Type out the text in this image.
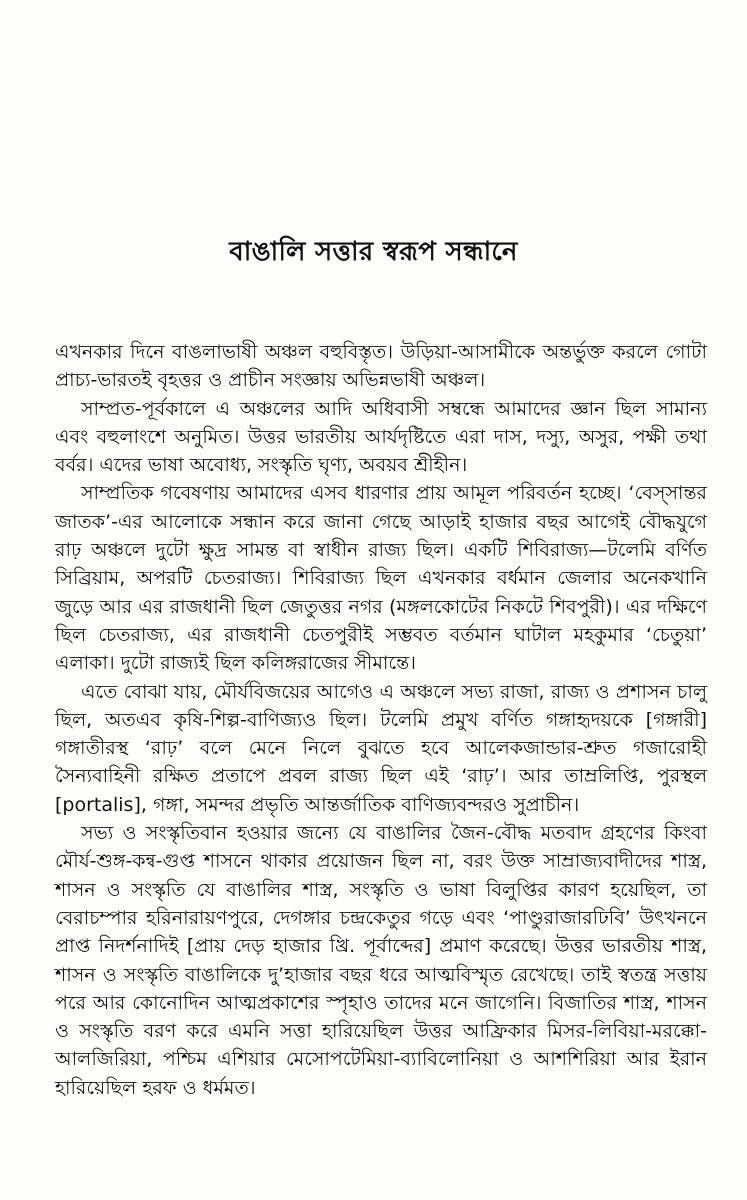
বাঙালি সত্তার স্বরূপ সন্ধানে

এখনকার দিনে বাঙলাভাষী অঞ্চল বহুবিস্তৃত। উড়িয়া-আসামীকে অন্তর্ভুক্ত করলে গোটা প্রাচ্য-ভারতই বৃহত্তর ও প্রাচীন সংজ্ঞায় অভিন্নভাষী অঞ্চল।

সাম্প্রত-পূর্বকালে এ অঞ্চলের আদি অধিবাসী সম্বন্ধে আমাদের জ্ঞান ছিল সামান্য এবং বহুলাংশে অনুমিত। উত্তর ভারতীয় আর্যদৃষ্টিতে এরা দাস, দস্যু, অসুর, পক্ষী তথা বর্বর। এদের ভাষা অবোধ্য, সংস্কৃতি ঘৃণ্য, অবয়ব শ্রীহীন।

সাম্প্রতিক গবেষণায় আমাদের এসব ধারণার প্রায় আমূল পরিবর্তন হচ্ছে। ‘বেস্সান্তর জাতক’-এর আলোকে সন্ধান করে জানা গেছে আড়াই হাজার বছর আগেই বৌদ্ধযুগে রাঢ় অঞ্চলে দুটো ক্ষুদ্র সামন্ত বা স্বাধীন রাজ্য ছিল। একটি শিবিরাজ্য—টলেমি বর্ণিত সিব্রিয়াম, অপরটি চেতরাজ্য। শিবিরাজ্য ছিল এখনকার বর্ধমান জেলার অনেকখানি জুড়ে আর এর রাজধানী ছিল জেতুত্তর নগর (মঙ্গলকোটের নিকটে শিবপুরী)। এর দক্ষিণে ছিল চেতরাজ্য, এর রাজধানী চেতপুরীই সম্ভবত বর্তমান ঘাটাল মহকুমার ‘চেতুয়া’ এলাকা। দুটো রাজ্যই ছিল কলিঙ্গরাজের সীমান্তে।

এতে বোঝা যায়, মৌর্যবিজয়ের আগেও এ অঞ্চলে সভ্য রাজা, রাজ্য ও প্রশাসন চালু ছিল, অতএব কৃষি-শিল্প-বাণিজ্যও ছিল। টলেমি প্রমুখ বর্ণিত গঙ্গাহৃদয়কে [গঙ্গারী] গঙ্গাতীরস্থ ‘রাঢ়’ বলে মেনে নিলে বুঝতে হবে আলেকজান্ডার-শ্রুত গজারোহী সৈন্যবাহিনী রক্ষিত প্রতাপে প্রবল রাজ্য ছিল এই ‘রাঢ়’। আর তাম্রলিপ্তি, পুরস্থল [portalis], গঙ্গা, সমন্দর প্রভৃতি আন্তর্জাতিক বাণিজ্যবন্দরও সুপ্রাচীন।

সভ্য ও সংস্কৃতিবান হওয়ার জন্যে যে বাঙালির জৈন-বৌদ্ধ মতবাদ গ্রহণের কিংবা মৌর্য-শুঙ্গ-কন্ব-গুপ্ত শাসনে থাকার প্রয়োজন ছিল না, বরং উক্ত সাম্রাজ্যবাদীদের শাস্ত্র, শাসন ও সংস্কৃতি যে বাঙালির শাস্ত্র, সংস্কৃতি ও ভাষা বিলুপ্তির কারণ হয়েছিল, তা বেরাচম্পার হরিনারায়ণপুরে, দেগঙ্গার চন্দ্রকেতুর গড়ে এবং ‘পাণ্ডুরাজারঢিবি’ উৎখননে প্রাপ্ত নিদর্শনাদিই [প্রায় দেড় হাজার খ্রি. পূর্বাব্দের] প্রমাণ করেছে। উত্তর ভারতীয় শাস্ত্র, শাসন ও সংস্কৃতি বাঙালিকে দু’হাজার বছর ধরে আত্মবিস্মৃত রেখেছে। তাই স্বতন্ত্র সত্তায় পরে আর কোনোদিন আত্মপ্রকাশের স্পৃহাও তাদের মনে জাগেনি। বিজাতির শাস্ত্র, শাসন ও সংস্কৃতি বরণ করে এমনি সত্তা হারিয়েছিল উত্তর আফ্রিকার মিসর-লিবিয়া-মরক্কো-আলজিরিয়া, পশ্চিম এশিয়ার মেসোপটেমিয়া-ব্যাবিলোনিয়া ও আশশিরিয়া আর ইরান হারিয়েছিল হরফ ও ধর্মমত।
